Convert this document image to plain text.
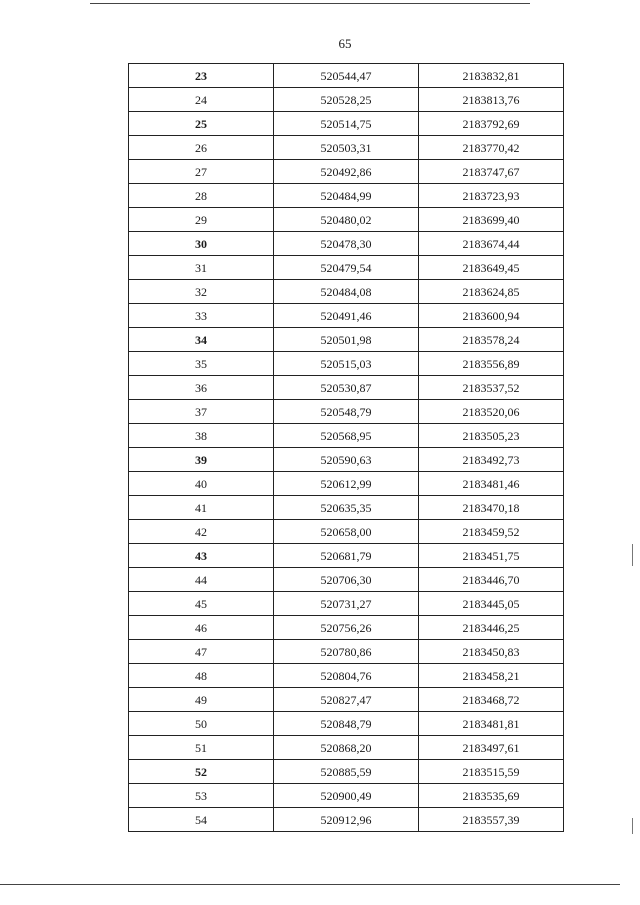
65
23	520544,47	2183832,81
24	520528,25	2183813,76
25	520514,75	2183792,69
26	520503,31	2183770,42
27	520492,86	2183747,67
28	520484,99	2183723,93
29	520480,02	2183699,40
30	520478,30	2183674,44
31	520479,54	2183649,45
32	520484,08	2183624,85
33	520491,46	2183600,94
34	520501,98	2183578,24
35	520515,03	2183556,89
36	520530,87	2183537,52
37	520548,79	2183520,06
38	520568,95	2183505,23
39	520590,63	2183492,73
40	520612,99	2183481,46
41	520635,35	2183470,18
42	520658,00	2183459,52
43	520681,79	2183451,75
44	520706,30	2183446,70
45	520731,27	2183445,05
46	520756,26	2183446,25
47	520780,86	2183450,83
48	520804,76	2183458,21
49	520827,47	2183468,72
50	520848,79	2183481,81
51	520868,20	2183497,61
52	520885,59	2183515,59
53	520900,49	2183535,69
54	520912,96	2183557,39
